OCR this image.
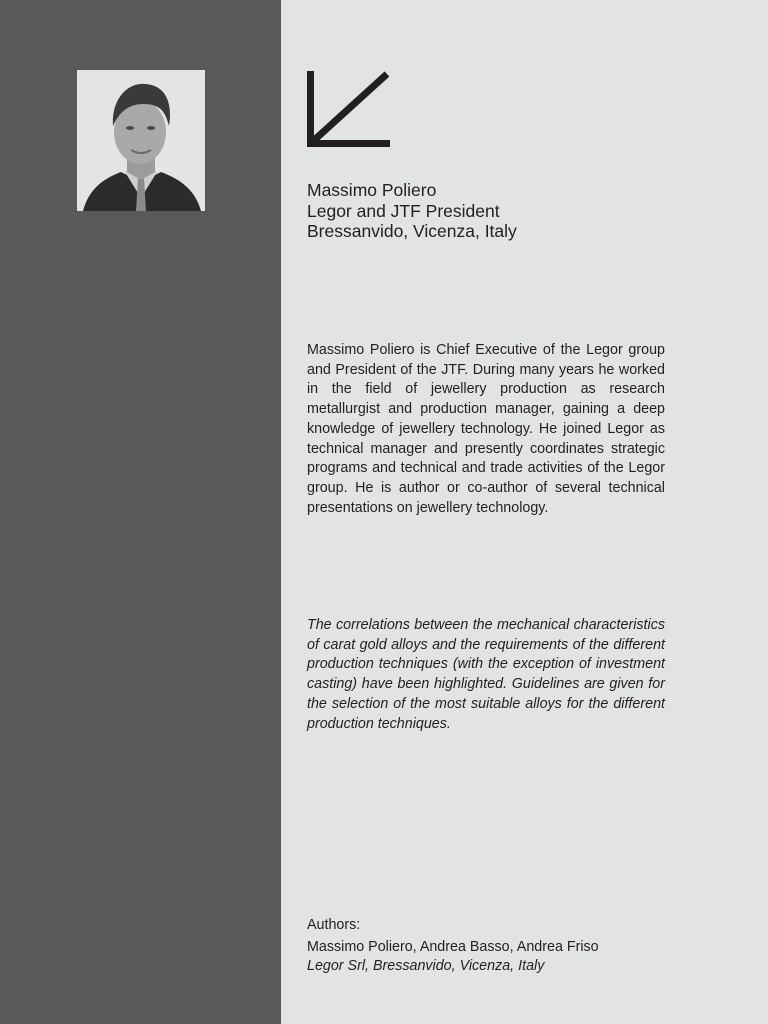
Massimo Poliero
Legor and JTF President
Bressanvido, Vicenza, Italy

Massimo Poliero is Chief Executive of the Legor group and President of the JTF. During many years he worked in the field of jewellery production as research metallurgist and production manager, gaining a deep knowledge of jewellery technology. He joined Legor as technical manager and presently coordinates strategic programs and technical and trade activities of the Legor group. He is author or co-author of several technical presentations on jewellery technology.

The correlations between the mechanical characteristics of carat gold alloys and the requirements of the different production techniques (with the exception of investment casting) have been highlighted. Guidelines are given for the selection of the most suitable alloys for the different production techniques.

Authors:
Massimo Poliero, Andrea Basso, Andrea Friso
Legor Srl, Bressanvido, Vicenza, Italy
